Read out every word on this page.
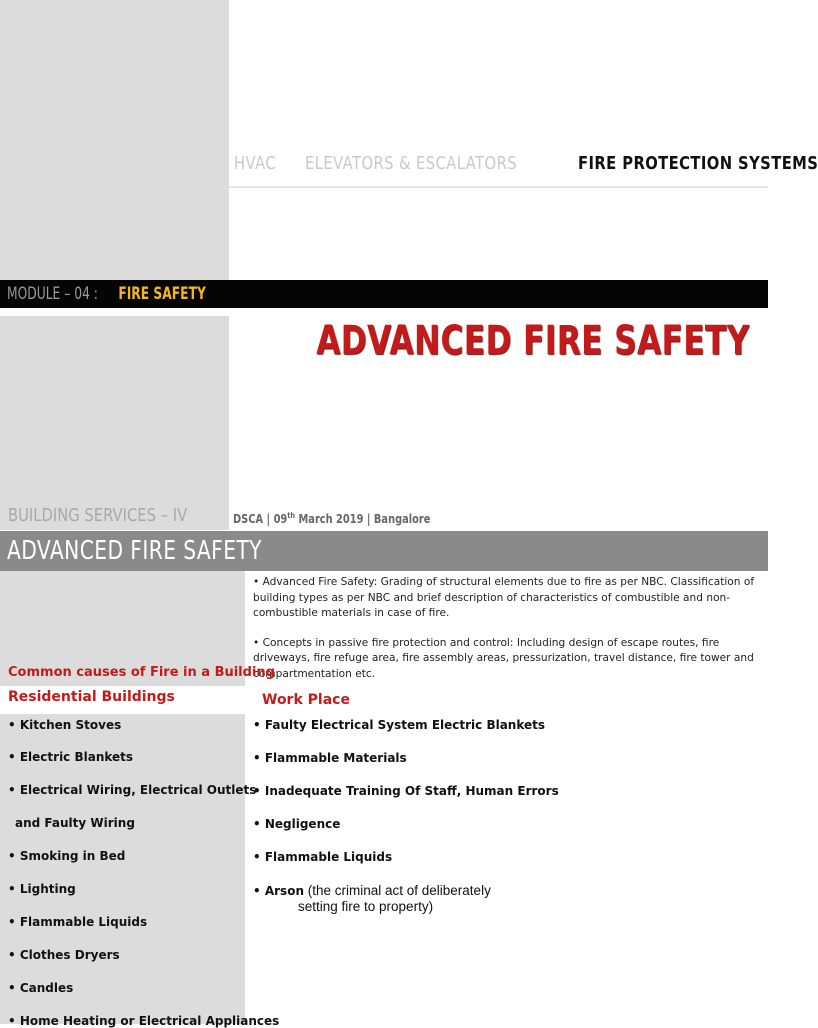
HVAC ELEVATORS & ESCALATORS	FIRE PROTECTION SYSTEMS
MODULE – 04 : FIRE SAFETY
ADVANCED FIRE SAFETY
BUILDING SERVICES – IV	DSCA | 09th March 2019 | Bangalore
ADVANCED FIRE SAFETY

• Advanced Fire Safety: Grading of structural elements due to fire as per NBC. Classification of building types as per NBC and brief description of characteristics of combustible and non-combustible materials in case of fire.

• Concepts in passive fire protection and control: Including design of escape routes, fire driveways, fire refuge area, fire assembly areas, pressurization, travel distance, fire tower and compartmentation etc.

Common causes of Fire in a Building
Residential Buildings	Work Place
• Kitchen Stoves
• Electric Blankets
• Electrical Wiring, Electrical Outlets
and Faulty Wiring
• Smoking in Bed
• Lighting
• Flammable Liquids
• Clothes Dryers
• Candles
• Home Heating or Electrical Appliances
• Faulty Electrical System Electric Blankets
• Flammable Materials
• Inadequate Training Of Staff, Human Errors
• Negligence
• Flammable Liquids
• Arson (the criminal act of deliberately
setting fire to property)
